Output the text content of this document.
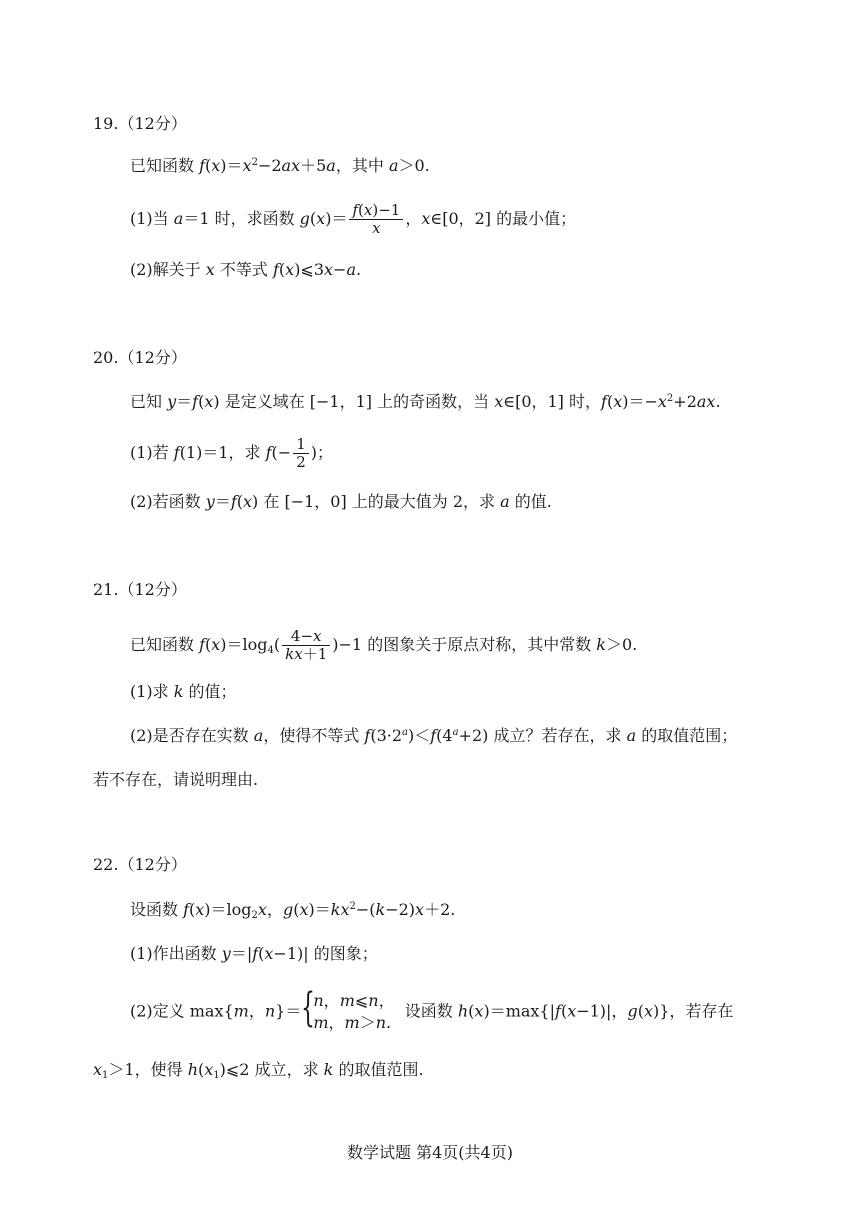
19.（12分）
已知函数 $f(x)=x^2-2ax+5a$，其中 a＞0.
(1)当 a＝1 时，求函数 $g(x)= \frac{f(x)-1}{x}$ ，x∈[0，2] 的最小值；
(2)解关于 x 不等式 f(x)⩽3x−a.
20.（12分）
已知 y＝f(x) 是定义域在 [−1，1] 上的奇函数，当 x∈[0，1] 时，$f(x)=-x^2+2ax$.
(1)若 f(1)＝1，求 $f(- \frac{1}{2}$ )；
(2)若函数 y＝f(x) 在 [−1，0] 上的最大值为 2，求 a 的值.
21.（12分）
已知函数 $f(x)=\log_4( \frac{4-x}{kx+1} )-1$ 的图象关于原点对称，其中常数 k＞0.
(1)求 k 的值；
(2)是否存在实数 a，使得不等式 $f(3\cdot 2^a)<f(4^a+2)$ 成立？若存在，求 a 的取值范围；
若不存在，请说明理由.
22.（12分）
设函数 $f(x)=\log_2x$，$g(x)=kx^2-(k-2)x+2$.
(1)作出函数 y＝|f(x−1)| 的图象；
(2)定义 max{m，n}＝ {
n，m⩽n，
m，m＞n.
设函数 h(x)＝max{|f(x−1)|，g(x)}，若存在
$x_1>1$，使得 $h(x_1)⩽2$ 成立，求 k 的取值范围.
数学试题 第4页(共4页)
